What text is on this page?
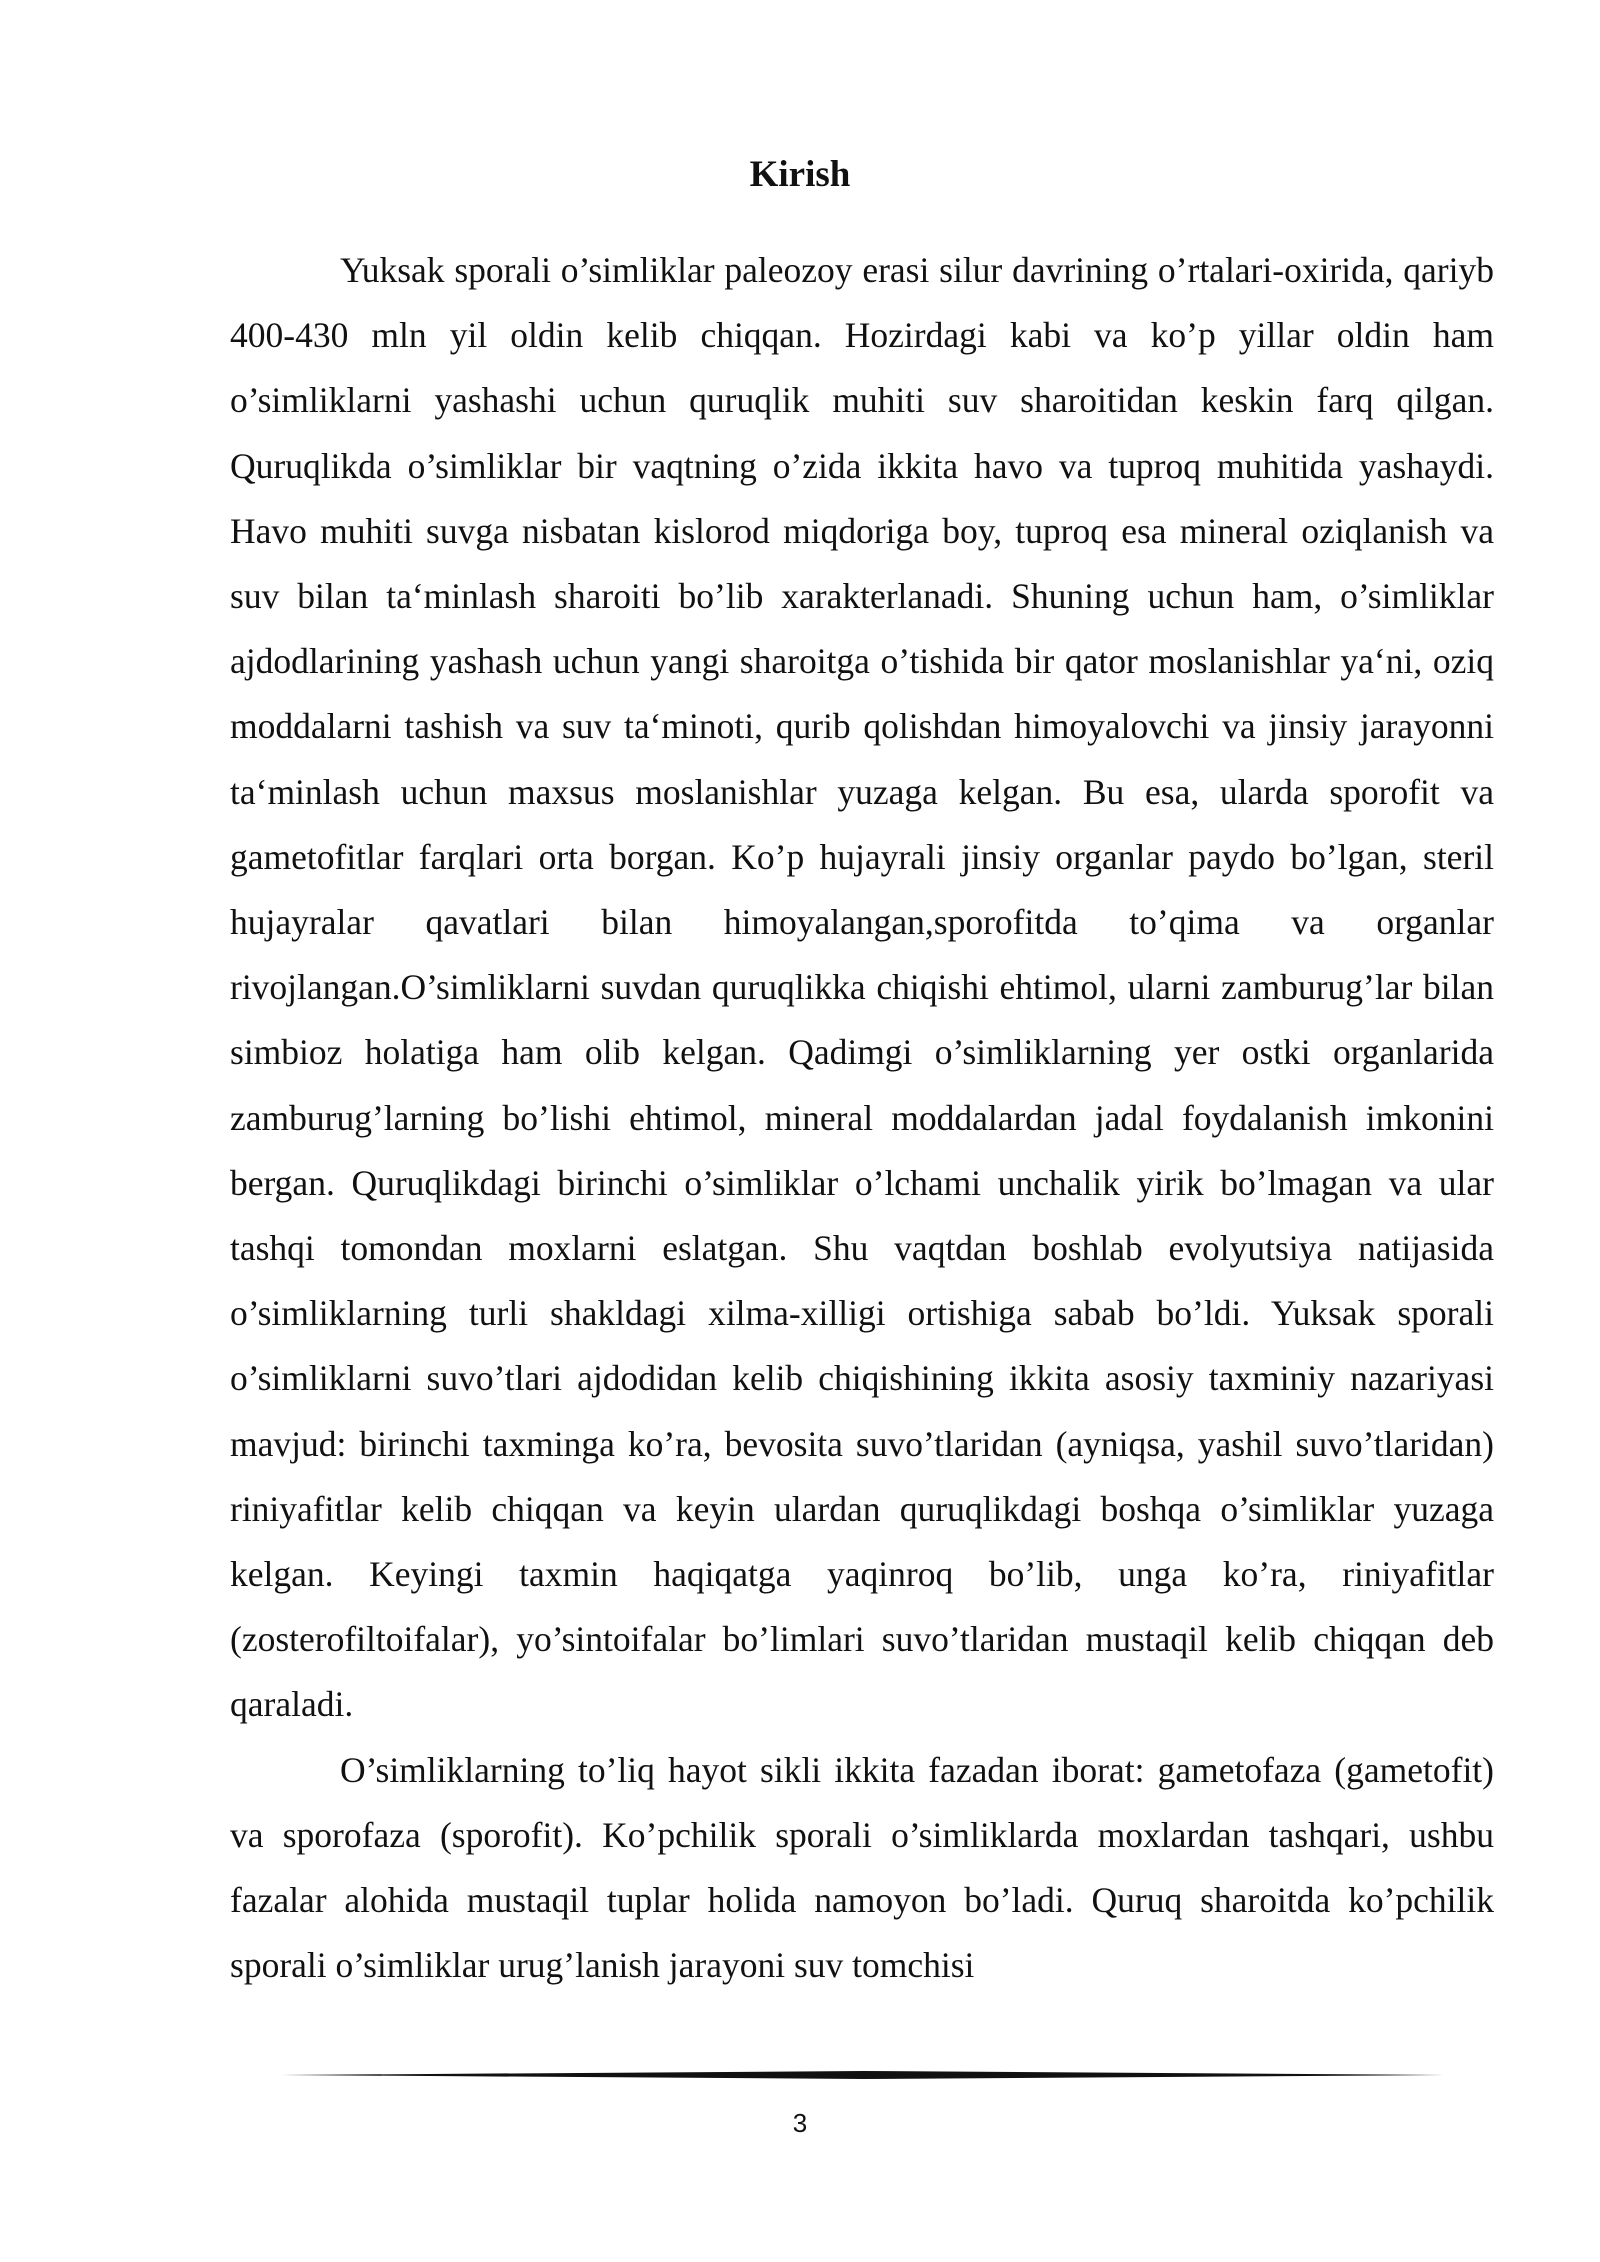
Kirish

Yuksak sporali o’simliklar paleozoy erasi silur davrining o’rtalari-oxirida, qariyb 400-430 mln yil oldin kelib chiqqan. Hozirdagi kabi va ko’p yillar oldin ham o’simliklarni yashashi uchun quruqlik muhiti suv sharoitidan keskin farq qilgan. Quruqlikda o’simliklar bir vaqtning o’zida ikkita havo va tuproq muhitida yashaydi. Havo muhiti suvga nisbatan kislorod miqdoriga boy, tuproq esa mineral oziqlanish va suv bilan ta‘minlash sharoiti bo’lib xarakterlanadi. Shuning uchun ham, o’simliklar ajdodlarining yashash uchun yangi sharoitga o’tishida bir qator moslanishlar ya‘ni, oziq moddalarni tashish va suv ta‘minoti, qurib qolishdan himoyalovchi va jinsiy jarayonni ta‘minlash uchun maxsus moslanishlar yuzaga kelgan. Bu esa, ularda sporofit va gametofitlar farqlari orta borgan. Ko’p hujayrali jinsiy organlar paydo bo’lgan, steril hujayralar qavatlari bilan himoyalangan,sporofitda to’qima va organlar rivojlangan.O’simliklarni suvdan quruqlikka chiqishi ehtimol, ularni zamburug’lar bilan simbioz holatiga ham olib kelgan. Qadimgi o’simliklarning yer ostki organlarida zamburug’larning bo’lishi ehtimol, mineral moddalardan jadal foydalanish imkonini bergan. Quruqlikdagi birinchi o’simliklar o’lchami unchalik yirik bo’lmagan va ular tashqi tomondan moxlarni eslatgan. Shu vaqtdan boshlab evolyutsiya natijasida o’simliklarning turli shakldagi xilma-xilligi ortishiga sabab bo’ldi. Yuksak sporali o’simliklarni suvo’tlari ajdodidan kelib chiqishining ikkita asosiy taxminiy nazariyasi mavjud: birinchi taxminga ko’ra, bevosita suvo’tlaridan (ayniqsa, yashil suvo’tlaridan) riniyafitlar kelib chiqqan va keyin ulardan quruqlikdagi boshqa o’simliklar yuzaga kelgan. Keyingi taxmin haqiqatga yaqinroq bo’lib, unga ko’ra, riniyafitlar (zosterofiltoifalar), yo’sintoifalar bo’limlari suvo’tlaridan mustaqil kelib chiqqan deb qaraladi.

O’simliklarning to’liq hayot sikli ikkita fazadan iborat: gametofaza (gametofit) va sporofaza (sporofit). Ko’pchilik sporali o’simliklarda moxlardan tashqari, ushbu fazalar alohida mustaqil tuplar holida namoyon bo’ladi. Quruq sharoitda ko’pchilik sporali o’simliklar urug’lanish jarayoni suv tomchisi

3
